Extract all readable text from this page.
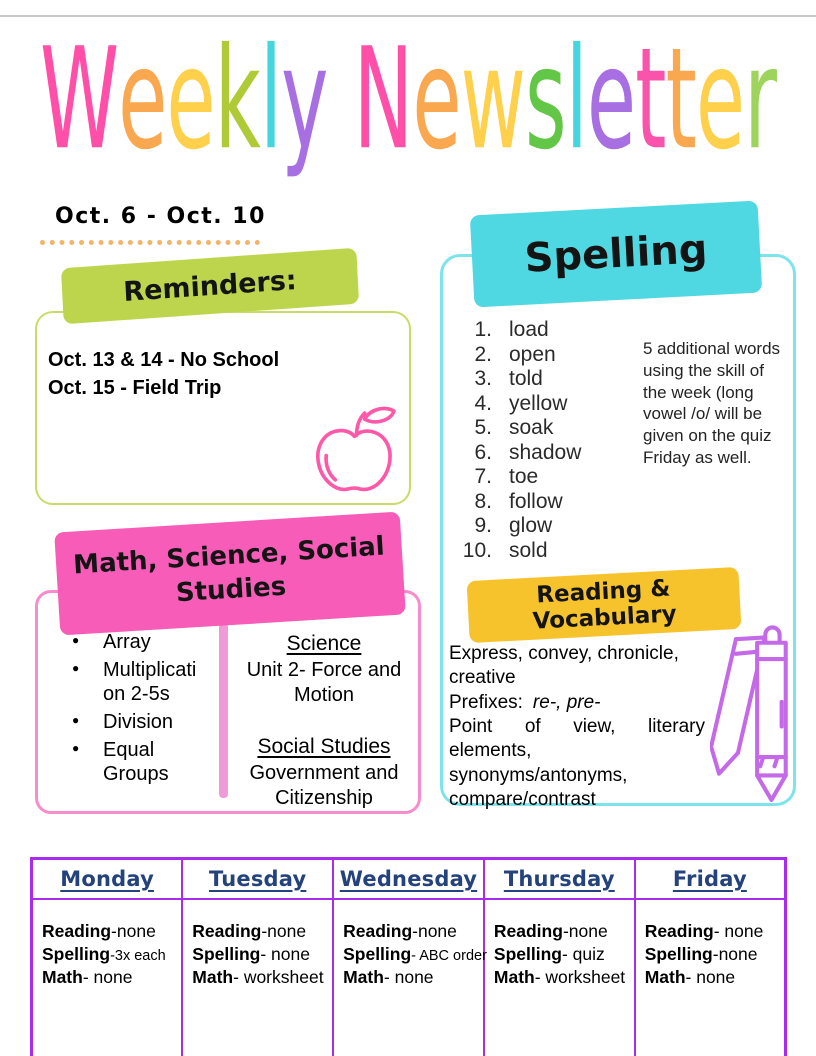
Weekly Newsletter
Oct. 6 - Oct. 10
Reminders:
Oct. 13 & 14 - No School
Oct. 15 - Field Trip
Math, Science, Social Studies
● Array
● Multiplication 2-5s
● Division
● Equal Groups
Science
Unit 2- Force and Motion
Social Studies
Government and Citizenship
Spelling
1. load
2. open
3. told
4. yellow
5. soak
6. shadow
7. toe
8. follow
9. glow
10. sold
5 additional words using the skill of the week (long vowel /o/ will be given on the quiz Friday as well.
Reading & Vocabulary
Express, convey, chronicle,
creative
Prefixes: re-, pre-
Point of view, literary
elements,
synonyms/antonyms,
compare/contrast
Monday	Tuesday	Wednesday	Thursday	Friday

Reading-none
Spelling-3x each
Math- none

Reading-none
Spelling- none
Math- worksheet

Reading-none
Spelling- ABC order
Math- none

Reading-none
Spelling- quiz
Math- worksheet

Reading- none
Spelling-none
Math- none
